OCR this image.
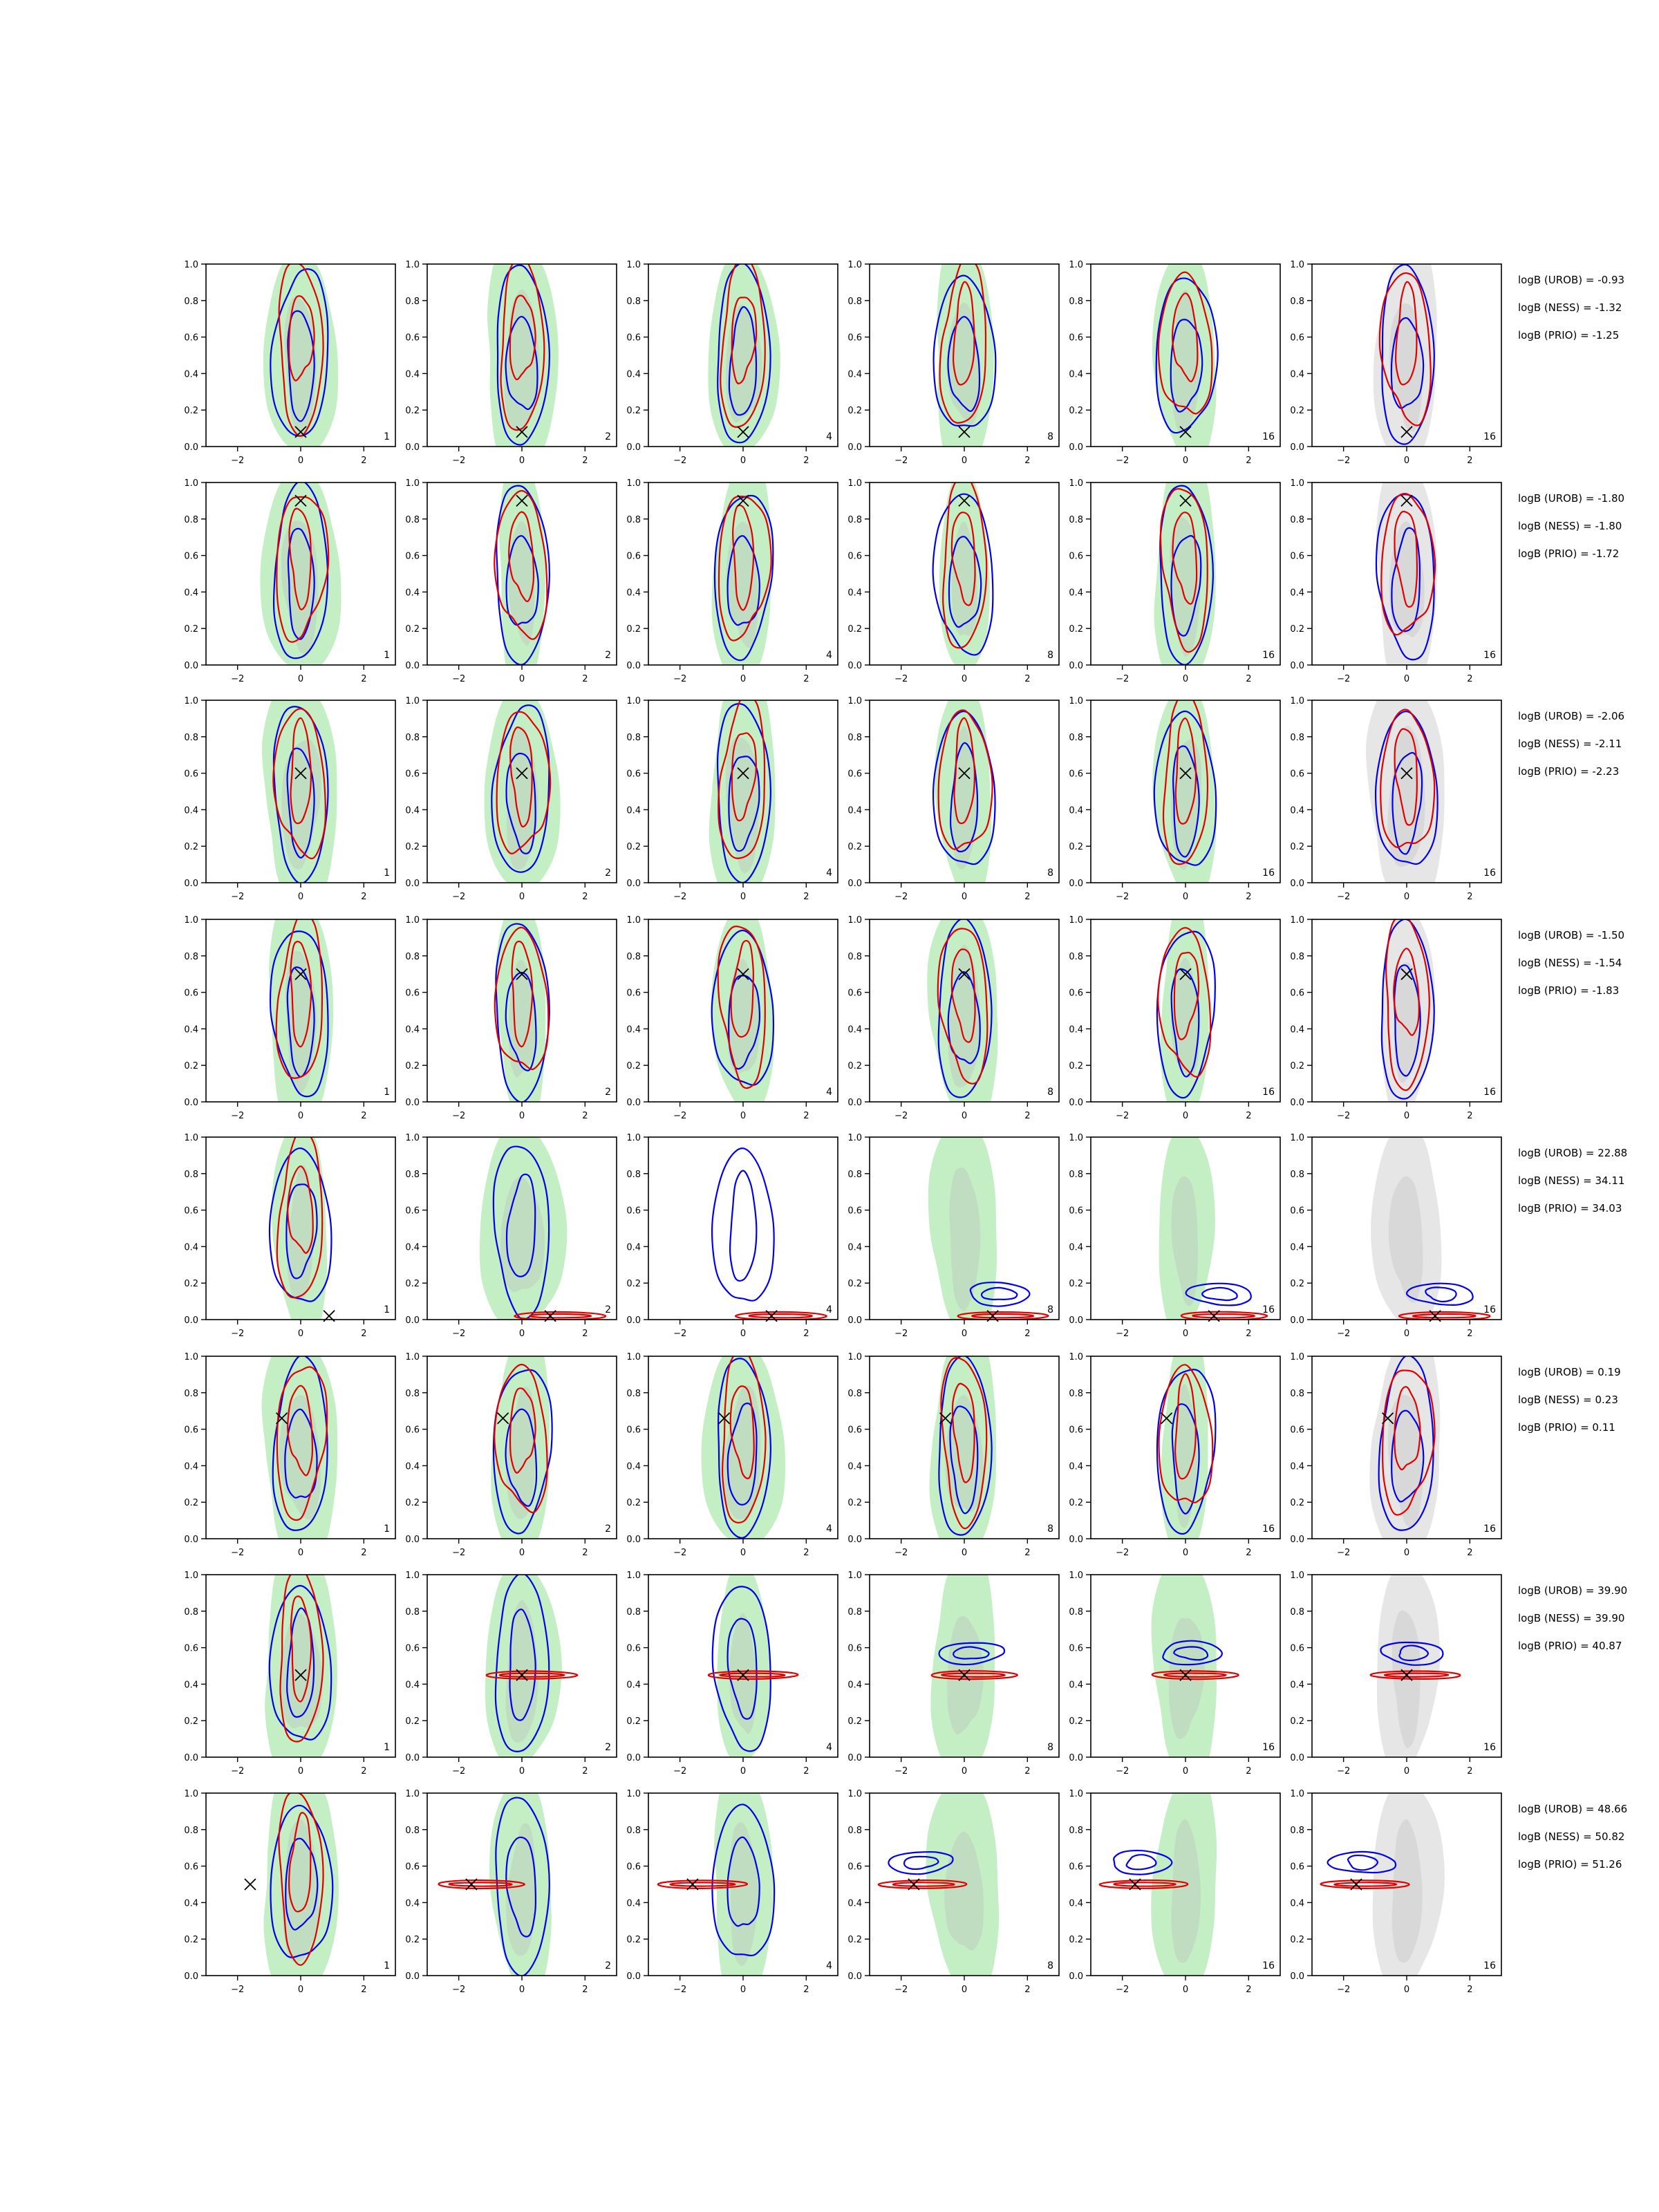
−2	0	2
0.0
0.2
0.4
0.6
0.8
1.0
1
−2	0	2
0.0
0.2
0.4
0.6
0.8
1.0
2
−2	0	2
0.0
0.2
0.4
0.6
0.8
1.0
4
−2	0	2
0.0
0.2
0.4
0.6
0.8
1.0
8
−2	0	2
0.0
0.2
0.4
0.6
0.8
1.0
16
−2	0	2
0.0
0.2
0.4
0.6
0.8
1.0
16
logB (UROB) = -0.93
logB (NESS) = -1.32
logB (PRIO) = -1.25
−2	0	2
0.0
0.2
0.4
0.6
0.8
1.0
1
−2	0	2
0.0
0.2
0.4
0.6
0.8
1.0
2
−2	0	2
0.0
0.2
0.4
0.6
0.8
1.0
4
−2	0	2
0.0
0.2
0.4
0.6
0.8
1.0
8
−2	0	2
0.0
0.2
0.4
0.6
0.8
1.0
16
−2	0	2
0.0
0.2
0.4
0.6
0.8
1.0
16
logB (UROB) = -1.80
logB (NESS) = -1.80
logB (PRIO) = -1.72
−2	0	2
0.0
0.2
0.4
0.6
0.8
1.0
1
−2	0	2
0.0
0.2
0.4
0.6
0.8
1.0
2
−2	0	2
0.0
0.2
0.4
0.6
0.8
1.0
4
−2	0	2
0.0
0.2
0.4
0.6
0.8
1.0
8
−2	0	2
0.0
0.2
0.4
0.6
0.8
1.0
16
−2	0	2
0.0
0.2
0.4
0.6
0.8
1.0
16
logB (UROB) = -2.06
logB (NESS) = -2.11
logB (PRIO) = -2.23
−2	0	2
0.0
0.2
0.4
0.6
0.8
1.0
1
−2	0	2
0.0
0.2
0.4
0.6
0.8
1.0
2
−2	0	2
0.0
0.2
0.4
0.6
0.8
1.0
4
−2	0	2
0.0
0.2
0.4
0.6
0.8
1.0
8
−2	0	2
0.0
0.2
0.4
0.6
0.8
1.0
16
−2	0	2
0.0
0.2
0.4
0.6
0.8
1.0
16
logB (UROB) = -1.50
logB (NESS) = -1.54
logB (PRIO) = -1.83
−2	0	2
0.0
0.2
0.4
0.6
0.8
1.0
1
−2	0	2
0.0
0.2
0.4
0.6
0.8
1.0
2
−2	0	2
0.0
0.2
0.4
0.6
0.8
1.0
4
−2	0	2
0.0
0.2
0.4
0.6
0.8
1.0
8
−2	0	2
0.0
0.2
0.4
0.6
0.8
1.0
16
−2	0	2
0.0
0.2
0.4
0.6
0.8
1.0
16
logB (UROB) = 22.88
logB (NESS) = 34.11
logB (PRIO) = 34.03
−2	0	2
0.0
0.2
0.4
0.6
0.8
1.0
1
−2	0	2
0.0
0.2
0.4
0.6
0.8
1.0
2
−2	0	2
0.0
0.2
0.4
0.6
0.8
1.0
4
−2	0	2
0.0
0.2
0.4
0.6
0.8
1.0
8
−2	0	2
0.0
0.2
0.4
0.6
0.8
1.0
16
−2	0	2
0.0
0.2
0.4
0.6
0.8
1.0
16
logB (UROB) = 0.19
logB (NESS) = 0.23
logB (PRIO) = 0.11
−2	0	2
0.0
0.2
0.4
0.6
0.8
1.0
1
−2	0	2
0.0
0.2
0.4
0.6
0.8
1.0
2
−2	0	2
0.0
0.2
0.4
0.6
0.8
1.0
4
−2	0	2
0.0
0.2
0.4
0.6
0.8
1.0
8
−2	0	2
0.0
0.2
0.4
0.6
0.8
1.0
16
−2	0	2
0.0
0.2
0.4
0.6
0.8
1.0
16
logB (UROB) = 39.90
logB (NESS) = 39.90
logB (PRIO) = 40.87
−2	0	2
0.0
0.2
0.4
0.6
0.8
1.0
1
−2	0	2
0.0
0.2
0.4
0.6
0.8
1.0
2
−2	0	2
0.0
0.2
0.4
0.6
0.8
1.0
4
−2	0	2
0.0
0.2
0.4
0.6
0.8
1.0
8
−2	0	2
0.0
0.2
0.4
0.6
0.8
1.0
16
−2	0	2
0.0
0.2
0.4
0.6
0.8
1.0
16
logB (UROB) = 48.66
logB (NESS) = 50.82
logB (PRIO) = 51.26
